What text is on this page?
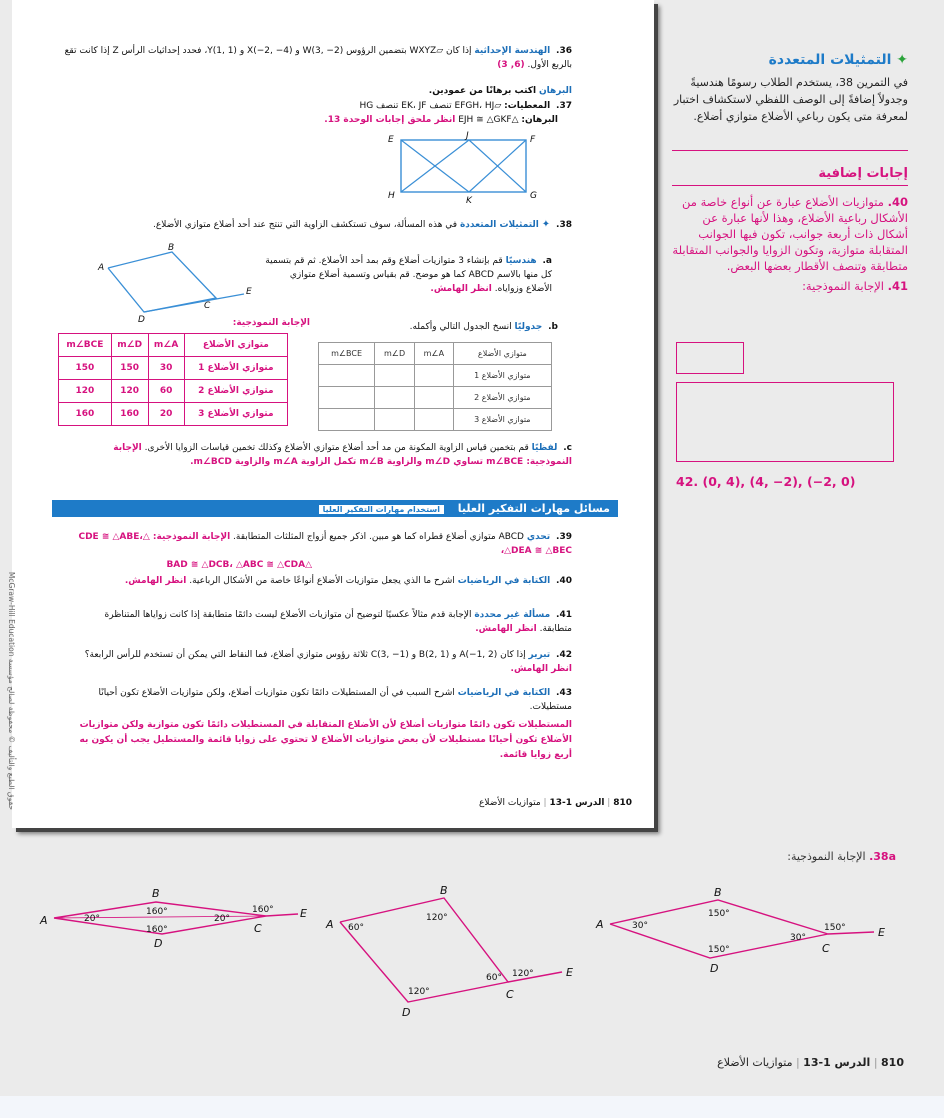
36. الهندسة الإحداثية إذا كان ▱WXYZ بتضمين الرؤوس W(3, −2) و X(−2, −4) و Y(1, 1)، فحدد إحداثيات الرأس Z إذا كانت تقع بالربع الأول. (6, 3)
البرهان اكتب برهانًا من عمودين.
37. المعطيات: ▱EFGH، ‎HJ‎ تنصف ‎EK‎، ‎JF‎ تنصف ‎HG‎
البرهان: △EJH ≅ △GKF انظر ملحق إجابات الوحدة 13.
E	J	F
H	K	G
38. ✦ التمثيلات المتعددة في هذه المسألة، سوف تستكشف الزاوية التي تنتج عند أحد أضلاع متوازي الأضلاع.
A
B
C
D
E
a. هندسيًا قم بإنشاء 3 متوازيات أضلاع وقم بمد أحد الأضلاع. ثم قم بتسمية كل منها بالاسم ABCD كما هو موضح. قم بقياس وتسمية أضلاع متوازي الأضلاع وزواياه. انظر الهامش.
الإجابة النموذجية:
متوازي الأضلاع	m∠A	m∠D	m∠BCE
متوازي الأضلاع 1	30	150	150
متوازي الأضلاع 2	60	120	120
متوازي الأضلاع 3	20	160	160
b. جدوليًا انسخ الجدول التالي وأكمله.
متوازي الأضلاع	m∠A	m∠D	m∠BCE
متوازي الأضلاع 1			
متوازي الأضلاع 2			
متوازي الأضلاع 3			
c. لفظيًا قم بتخمين قياس الزاوية المكونة من مد أحد أضلاع متوازي الأضلاع وكذلك تخمين قياسات الزوايا الأخرى. الإجابة النموذجية: m∠BCE تساوي m∠D والزاوية m∠B تكمل الزاوية m∠A والزاوية m∠BCD.
مسائل مهارات التفكير العليا استخدام مهارات التفكير العليا
39. تحدي ABCD متوازي أضلاع قطراه كما هو مبين. اذكر جميع أزواج المثلثات المتطابقة. الإجابة النموذجية: △CDE ≅ △ABE، △DEA ≅ △BEC،
△BAD ≅ △DCB، △ABC ≅ △CDA
40. الكتابة في الرياضيات اشرح ما الذي يجعل متوازيات الأضلاع أنواعًا خاصة من الأشكال الرباعية. انظر الهامش.
41. مسألة غير محددة الإجابة قدم مثالاً عكسيًا لتوضيح أن متوازيات الأضلاع ليست دائمًا متطابقة إذا كانت زواياها المتناظرة متطابقة. انظر الهامش.
42. تبرير إذا كان A(−1, 2) و B(2, 1) و C(3, −1) ثلاثة رؤوس متوازي أضلاع، فما النقاط التي يمكن أن تستخدم للرأس الرابعة؟ انظر الهامش.
43. الكتابة في الرياضيات اشرح السبب في أن المستطيلات دائمًا تكون متوازيات أضلاع، ولكن متوازيات الأضلاع تكون أحيانًا مستطيلات.
المستطيلات تكون دائمًا متوازيات أضلاع لأن الأضلاع المتقابلة في المستطيلات دائمًا تكون متوازية ولكن متوازيات الأضلاع تكون أحيانًا مستطيلات لأن بعض متوازيات الأضلاع لا تحتوي على زوايا قائمة والمستطيل يجب أن يكون به أربع زوايا قائمة.
حقوق الطبع والتأليف © محفوظة لصالح مؤسسة McGraw-Hill Education	810 | الدرس 1-13 | متوازيات الأضلاع
✦ التمثيلات المتعددة
في التمرين 38، يستخدم الطلاب رسومًا هندسيةً وجدولاً إضافةً إلى الوصف اللفظي لاستكشاف اختبار لمعرفة متى يكون رباعي الأضلاع متوازي أضلاع.
إجابات إضافية
40. متوازيات الأضلاع عبارة عن أنواع خاصة من الأشكال رباعية الأضلاع، وهذا لأنها عبارة عن أشكال ذات أربعة جوانب، تكون فيها الجوانب المتقابلة متوازية، وتكون الزوايا والجوانب المتقابلة متطابقة وتنصف الأقطار بعضها البعض.
41. الإجابة النموذجية:
42. (0, 4), (4, −2), (−2, 0)
38a. الإجابة النموذجية:
A
B
C
D
E
160°
20°	20°
160°
160°	A
B
C
D
E
120°
60°
60° 120°
120°
A
B
C
D
E
150°
30°
30°
150°
150°
810 | الدرس 1-13 | متوازيات الأضلاع
